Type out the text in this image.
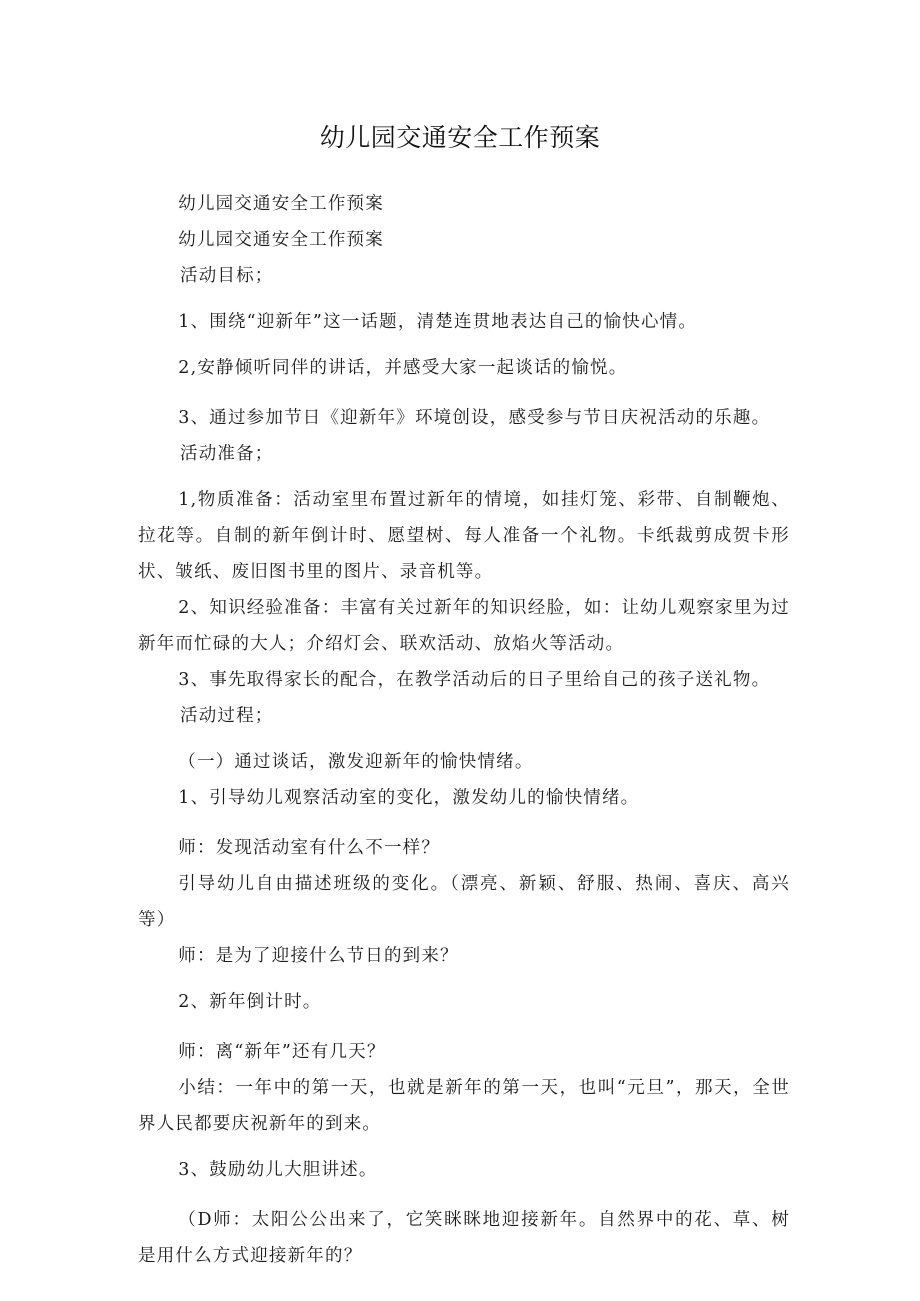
幼儿园交通安全工作预案

幼儿园交通安全工作预案

幼儿园交通安全工作预案

活动目标；

1、围绕“迎新年”这一话题，清楚连贯地表达自己的愉快心情。

2,安静倾听同伴的讲话，并感受大家一起谈话的愉悦。

3、通过参加节日《迎新年》环境创设，感受参与节日庆祝活动的乐趣。

活动准备；

1,物质准备：活动室里布置过新年的情境，如挂灯笼、彩带、自制鞭炮、拉花等。自制的新年倒计时、愿望树、每人准备一个礼物。卡纸裁剪成贺卡形状、皱纸、废旧图书里的图片、录音机等。

2、知识经验准备：丰富有关过新年的知识经脸，如：让幼儿观察家里为过新年而忙碌的大人；介绍灯会、联欢活动、放焰火等活动。

3、事先取得家长的配合，在教学活动后的日子里给自己的孩子送礼物。

活动过程；

（一）通过谈话，激发迎新年的愉快情绪。

1、引导幼儿观察活动室的变化，激发幼儿的愉快情绪。

师：发现活动室有什么不一样？

引导幼儿自由描述班级的变化。（漂亮、新颖、舒服、热闹、喜庆、高兴等）

师：是为了迎接什么节日的到来？

2、新年倒计时。

师：离“新年”还有几天？

小结：一年中的第一天，也就是新年的第一天，也叫“元旦”，那天，全世界人民都要庆祝新年的到来。

3、鼓励幼儿大胆讲述。

（D师：太阳公公出来了，它笑眯眯地迎接新年。自然界中的花、草、树是用什么方式迎接新年的？
